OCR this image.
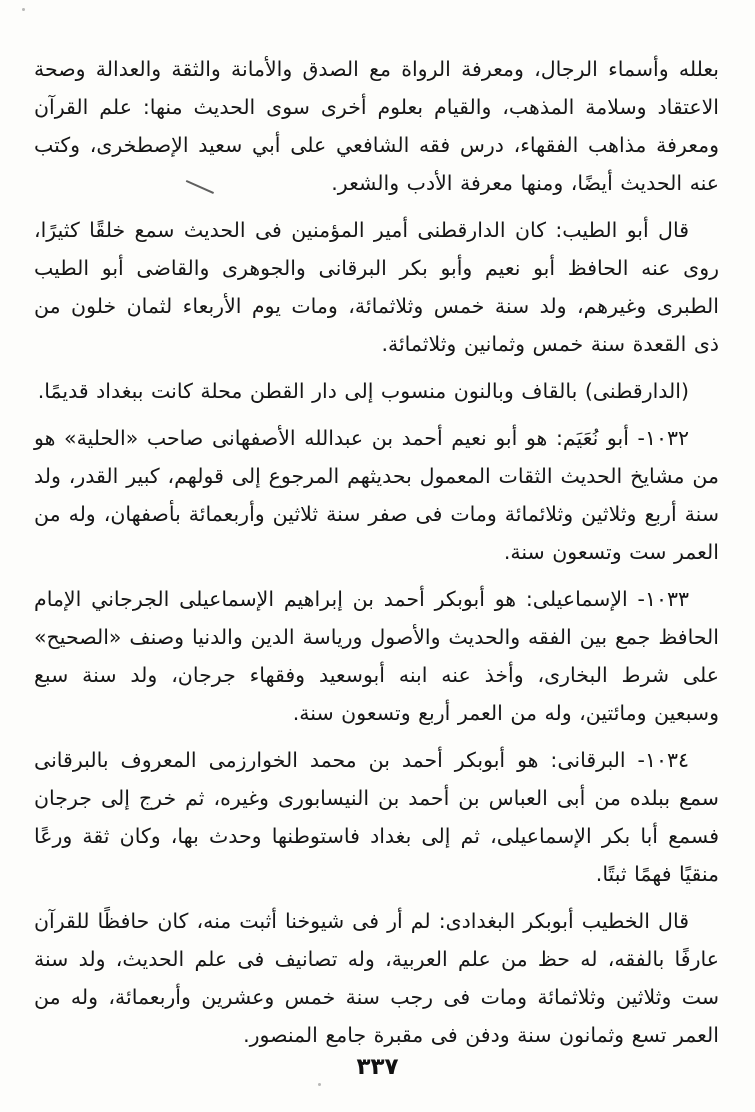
بعلله وأسماء الرجال، ومعرفة الرواة مع الصدق والأمانة والثقة والعدالة وصحة الاعتقاد وسلامة المذهب، والقيام بعلوم أخرى سوى الحديث منها: علم القرآن ومعرفة مذاهب الفقهاء، درس فقه الشافعي على أبي سعيد الإصطخرى، وكتب عنه الحديث أيضًا، ومنها معرفة الأدب والشعر.

قال أبو الطيب: كان الدارقطنى أمير المؤمنين فى الحديث سمع خلقًا كثيرًا، روى عنه الحافظ أبو نعيم وأبو بكر البرقانى والجوهرى والقاضى أبو الطيب الطبرى وغيرهم، ولد سنة خمس وثلاثمائة، ومات يوم الأربعاء لثمان خلون من ذى القعدة سنة خمس وثمانين وثلاثمائة.

(الدارقطنى) بالقاف وبالنون منسوب إلى دار القطن محلة كانت ببغداد قديمًا.

١٠٣٢- أبو نُعَيَم: هو أبو نعيم أحمد بن عبدالله الأصفهانى صاحب «الحلية» هو من مشايخ الحديث الثقات المعمول بحديثهم المرجوع إلى قولهم، كبير القدر، ولد سنة أربع وثلاثين وثلائمائة ومات فى صفر سنة ثلاثين وأربعمائة بأصفهان، وله من العمر ست وتسعون سنة.

١٠٣٣- الإسماعيلى: هو أبوبكر أحمد بن إبراهيم الإسماعيلى الجرجاني الإمام الحافظ جمع بين الفقه والحديث والأصول ورياسة الدين والدنيا وصنف «الصحيح» على شرط البخارى، وأخذ عنه ابنه أبوسعيد وفقهاء جرجان، ولد سنة سبع وسبعين ومائتين، وله من العمر أربع وتسعون سنة.

١٠٣٤- البرقانى: هو أبوبكر أحمد بن محمد الخوارزمى المعروف بالبرقانى سمع ببلده من أبى العباس بن أحمد بن النيسابورى وغيره، ثم خرج إلى جرجان فسمع أبا بكر الإسماعيلى، ثم إلى بغداد فاستوطنها وحدث بها، وكان ثقة ورعًا منقيًا فهمًا ثبتًا.

قال الخطيب أبوبكر البغدادى: لم أر فى شيوخنا أثبت منه، كان حافظًا للقرآن عارفًا بالفقه، له حظ من علم العربية، وله تصانيف فى علم الحديث، ولد سنة ست وثلاثين وثلاثمائة ومات فى رجب سنة خمس وعشرين وأربعمائة، وله من العمر تسع وثمانون سنة ودفن فى مقبرة جامع المنصور.

٣٣٧
